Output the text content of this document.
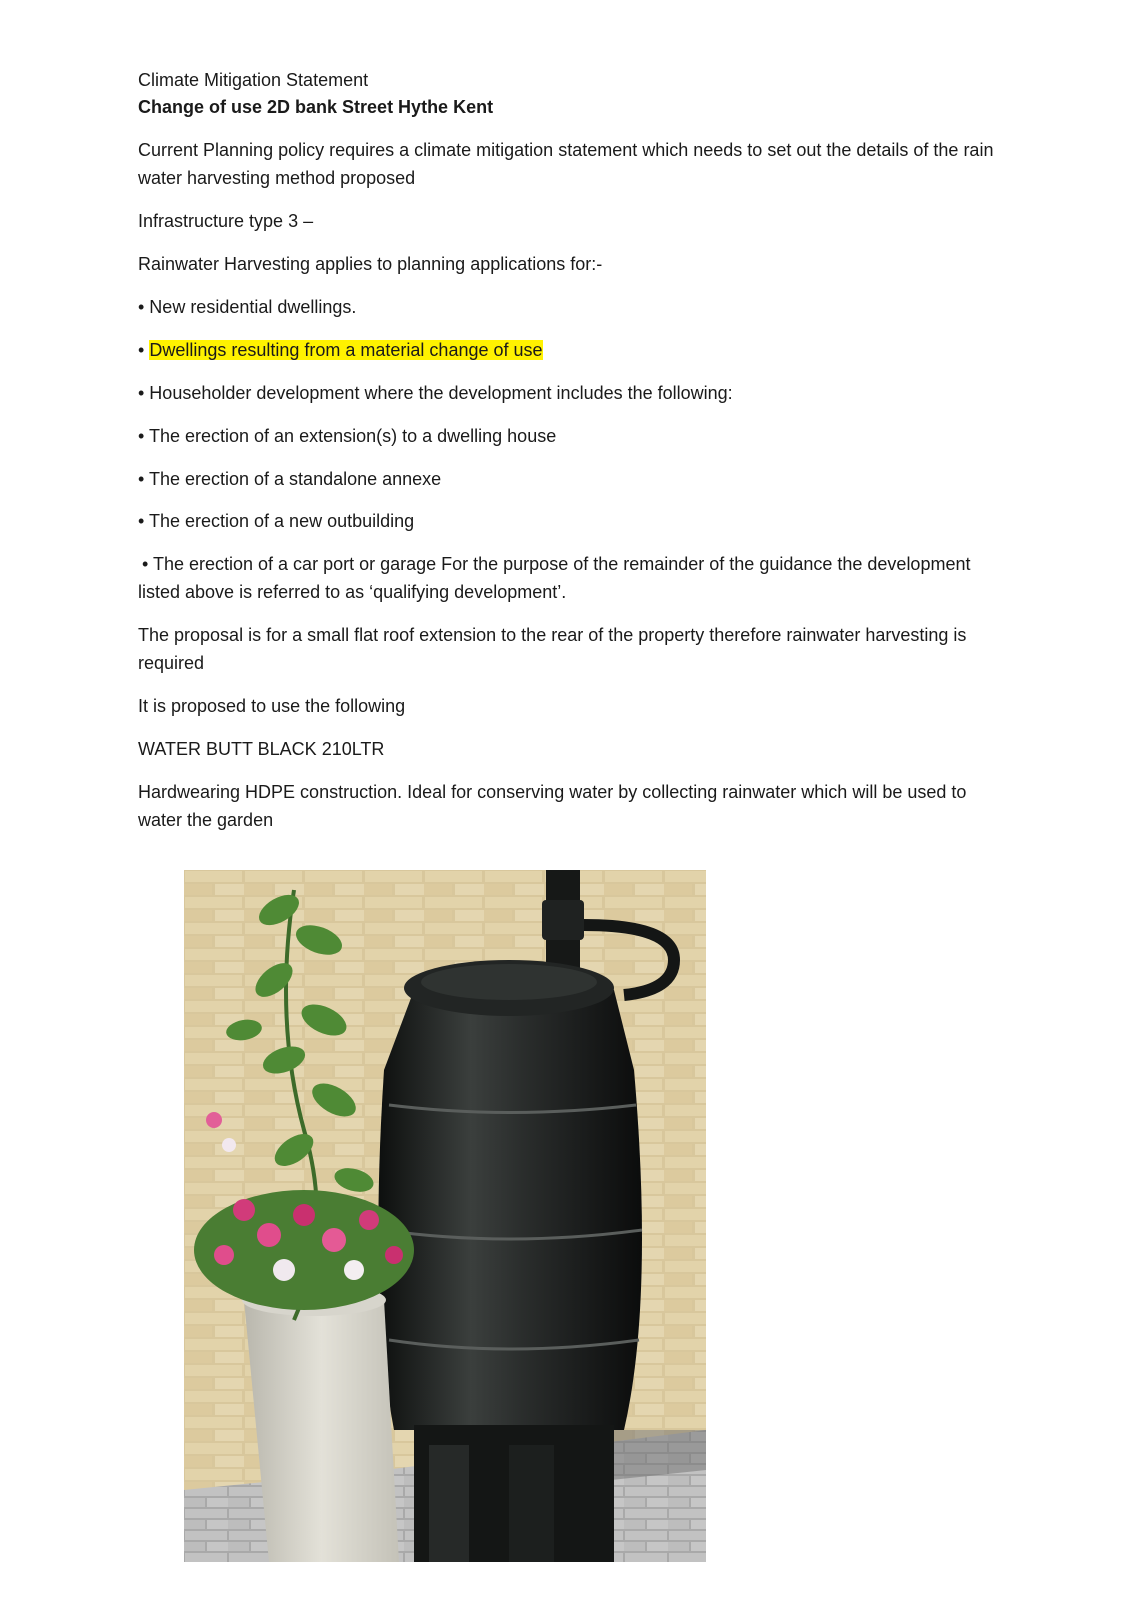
Climate Mitigation Statement

Change of use 2D bank Street Hythe Kent

Current Planning policy requires a climate mitigation statement which needs to set out the details of the rain water harvesting method proposed

Infrastructure type 3 –

Rainwater Harvesting applies to planning applications for:-

• New residential dwellings.

• Dwellings resulting from a material change of use

• Householder development where the development includes the following:

• The erection of an extension(s) to a dwelling house

• The erection of a standalone annexe

• The erection of a new outbuilding

• The erection of a car port or garage For the purpose of the remainder of the guidance the development listed above is referred to as ‘qualifying development’.

The proposal is for a small flat roof extension to the rear of the property therefore rainwater harvesting is required

It is proposed to use the following

WATER BUTT BLACK 210LTR

Hardwearing HDPE construction. Ideal for conserving water by collecting rainwater which will be used to water the garden
